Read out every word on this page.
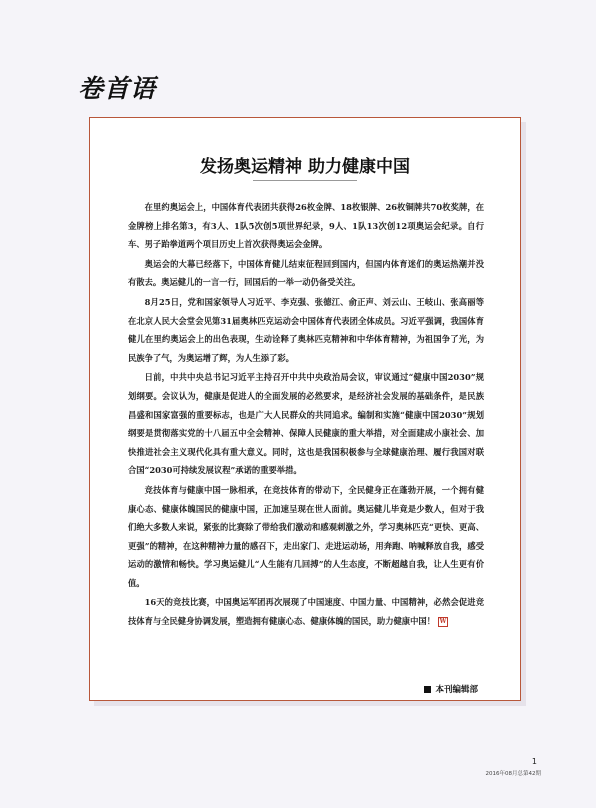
卷首语
发扬奥运精神 助力健康中国

在里约奥运会上，中国体育代表团共获得26枚金牌、18枚银牌、26枚铜牌共70枚奖牌，在金牌榜上排名第3，有3人、1队5次创5项世界纪录，9人、1队13次创12项奥运会纪录。自行车、男子跆拳道两个项目历史上首次获得奥运会金牌。

奥运会的大幕已经落下，中国体育健儿结束征程回到国内，但国内体育迷们的奥运热潮并没有散去。奥运健儿的一言一行，回国后的一举一动仍备受关注。

8月25日，党和国家领导人习近平、李克强、张德江、俞正声、刘云山、王岐山、张高丽等在北京人民大会堂会见第31届奥林匹克运动会中国体育代表团全体成员。习近平强调，我国体育健儿在里约奥运会上的出色表现，生动诠释了奥林匹克精神和中华体育精神，为祖国争了光，为民族争了气，为奥运增了辉，为人生添了彩。

日前，中共中央总书记习近平主持召开中共中央政治局会议，审议通过“健康中国2030”规划纲要。会议认为，健康是促进人的全面发展的必然要求，是经济社会发展的基础条件，是民族昌盛和国家富强的重要标志，也是广大人民群众的共同追求。编制和实施“健康中国2030”规划纲要是贯彻落实党的十八届五中全会精神、保障人民健康的重大举措，对全面建成小康社会、加快推进社会主义现代化具有重大意义。同时，这也是我国积极参与全球健康治理、履行我国对联合国“2030可持续发展议程”承诺的重要举措。

竞技体育与健康中国一脉相承，在竞技体育的带动下，全民健身正在蓬勃开展，一个拥有健康心态、健康体魄国民的健康中国，正加速呈现在世人面前。奥运健儿毕竟是少数人，但对于我们绝大多数人来说，紧张的比赛除了带给我们激动和感观刺激之外，学习奥林匹克“更快、更高、更强”的精神，在这种精神力量的感召下，走出家门、走进运动场，用奔跑、呐喊释放自我，感受运动的激情和畅快。学习奥运健儿“人生能有几回搏”的人生态度，不断超越自我，让人生更有价值。

16天的竞技比赛，中国奥运军团再次展现了中国速度、中国力量、中国精神，必然会促进竞技体育与全民健身协调发展，塑造拥有健康心态、健康体魄的国民，助力健康中国！ W

本刊编辑部
1
2016年08月总第42期
